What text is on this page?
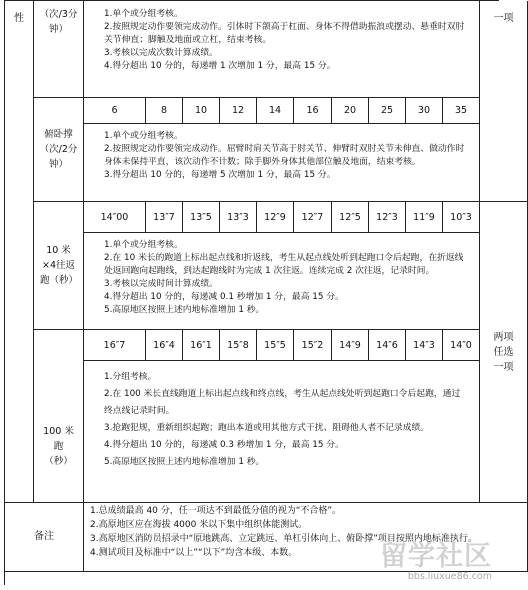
性	一项
两项任选一项
（次/3分钟）
1.单个或分组考核。
2.按照规定动作要领完成动作。引体时下颌高于杠面、身体不得借助振浪或摆动、悬垂时双肘关节伸直；脚触及地面或立杠，结束考核。
3.考核以完成次数计算成绩。
4.得分超出 10 分的，每递增 1 次增加 1 分，最高 15 分。
俯卧撑（次/2分钟）
6	8	10	12	14	16	20	25	30	35
1.单个或分组考核。
2.按照规定动作要领完成动作。屈臂时肩关节高于肘关节、伸臂时双肘关节未伸直、做动作时身体未保持平直，该次动作不计数；除手脚外身体其他部位触及地面，结束考核。
3.得分超出 10 分的，每递增 5 次增加 1 分，最高 15 分。
10 米×4往返跑（秒）
14″00	13″7	13″5	13″3	12″9	12″7	12″5	12″3	11″9	10″3
1.单个或分组考核。
2.在 10 米长的跑道上标出起点线和折返线，考生从起点线处听到起跑口令后起跑，在折返线处返回跑向起跑线，到达起跑线时为完成 1 次往返。连续完成 2 次往返，记录时间。
3.考核以完成时间计算成绩。
4.得分超出 10 分的，每递减 0.1 秒增加 1 分，最高 15 分。
5.高原地区按照上述内地标准增加 1 秒。
100 米跑（秒）
16″7	16″4	16″1	15″8	15″5	15″2	14″9	14″6	14″3	14″0
1.分组考核。
2.在 100 米长直线跑道上标出起点线和终点线，考生从起点线处听到起跑口令后起跑，通过终点线记录时间。
3.抢跑犯规，重新组织起跑；跑出本道或用其他方式干扰、阻碍他人者不记录成绩。
4.得分超出 10 分的，每递减 0.3 秒增加 1 分，最高 15 分。
5.高原地区按照上述内地标准增加 1 秒。
备注
1.总成绩最高 40 分，任一项达不到最低分值的视为“不合格”。
2.高原地区应在海拔 4000 米以下集中组织体能测试。
3.高原地区消防员招录中“原地跳高、立定跳远、单杠引体向上、俯卧撑”项目按照内地标准执行。
4.测试项目及标准中“以上”“以下”均含本级、本数。	留学社区
bbs.liuxue86.com
